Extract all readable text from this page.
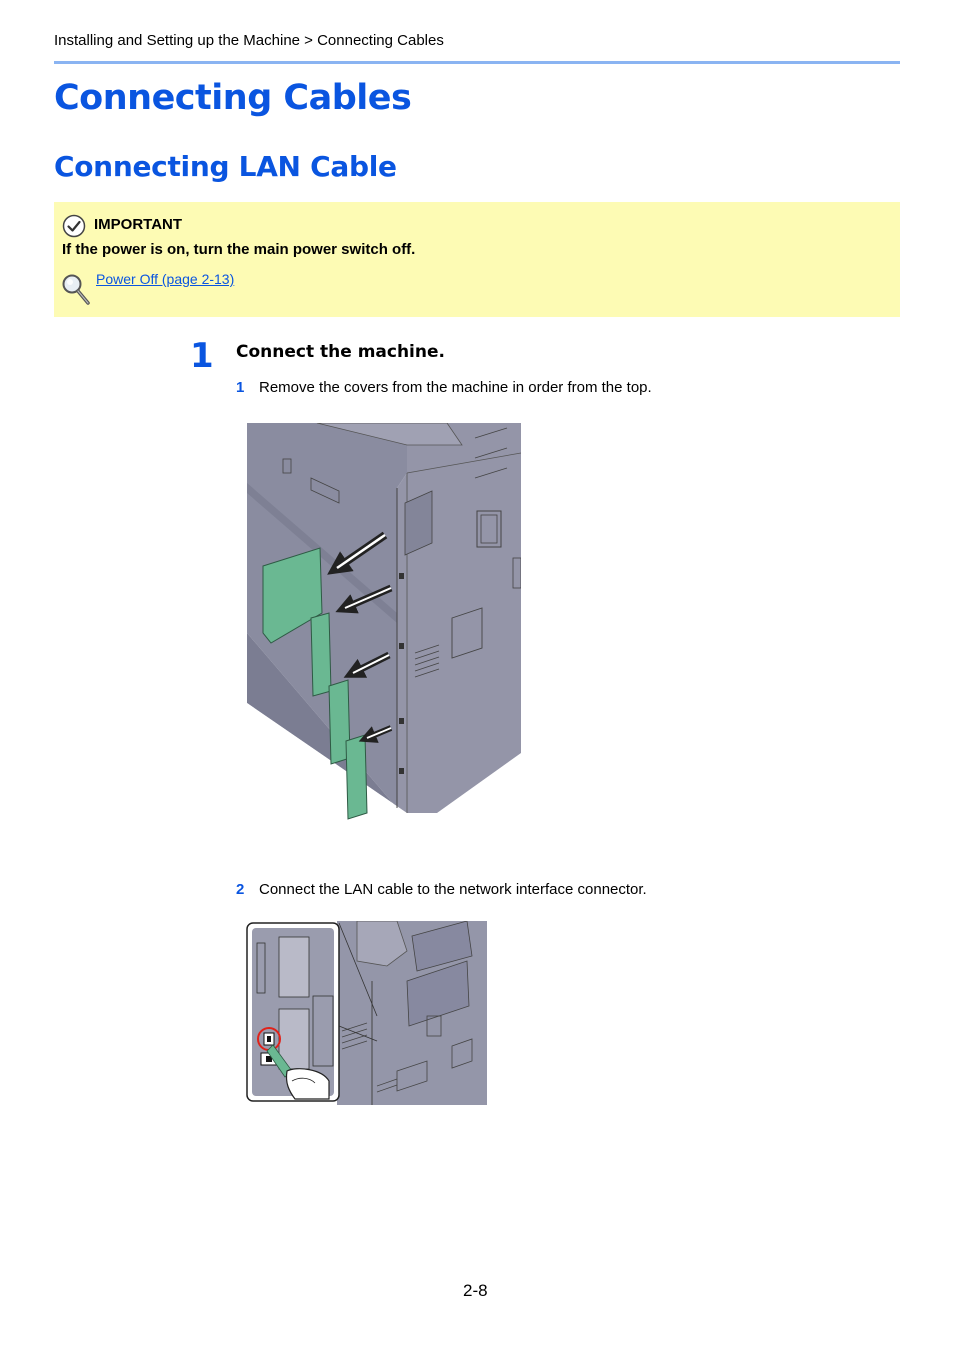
Installing and Setting up the Machine > Connecting Cables
Connecting Cables
Connecting LAN Cable
IMPORTANT
If the power is on, turn the main power switch off.
Power Off (page 2-13)
1 Connect the machine.
1 Remove the covers from the machine in order from the top.
2 Connect the LAN cable to the network interface connector.
2-8
